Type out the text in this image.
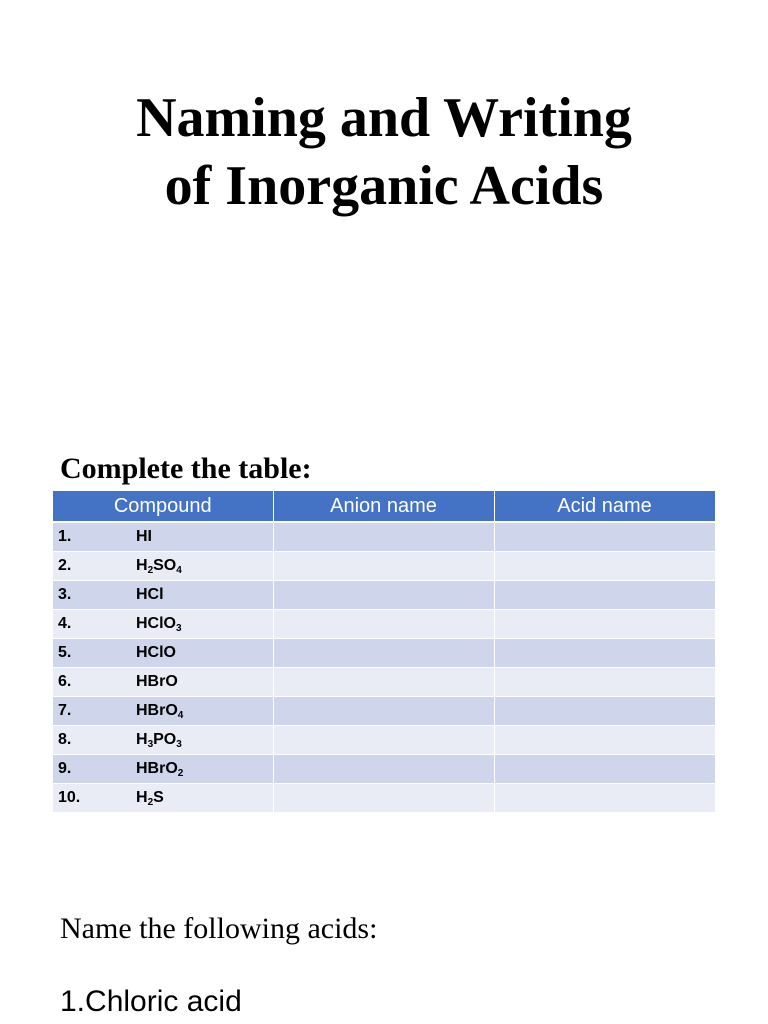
Naming and Writing
of Inorganic Acids
Complete the table:
Compound	Anion name	Acid name

1. HI		

2. $H_2SO_4$

3. HCl		

4. HClO$_3$

5. HClO		

6. HBrO		

7. HBrO$_4$

8. $H_3PO_3$

9. HBrO$_2$

10. $H_2S$		

Name the following acids:
1.Chloric acid
